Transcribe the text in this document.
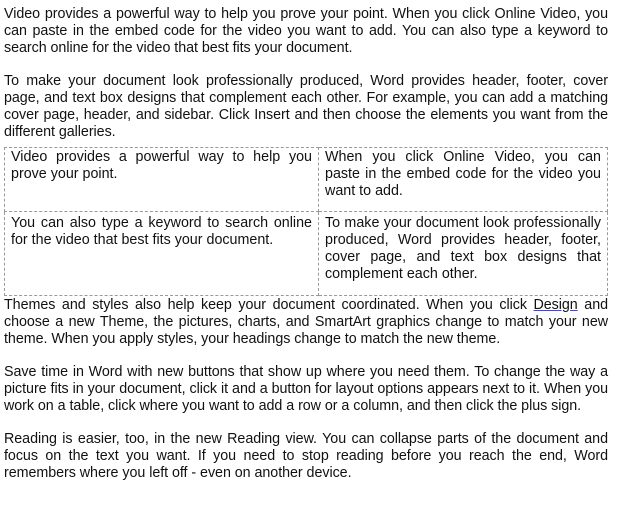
Video provides a powerful way to help you prove your point. When you click Online Video, you can paste in the embed code for the video you want to add. You can also type a keyword to search online for the video that best fits your document.

To make your document look professionally produced, Word provides header, footer, cover page, and text box designs that complement each other. For example, you can add a matching cover page, header, and sidebar. Click Insert and then choose the elements you want from the different galleries.

Video provides a powerful way to help you prove your point.	When you click Online Video, you can paste in the embed code for the video you want to add.
You can also type a keyword to search online for the video that best fits your document.	To make your document look professionally produced, Word provides header, footer, cover page, and text box designs that complement each other.

Themes and styles also help keep your document coordinated. When you click Design and choose a new Theme, the pictures, charts, and SmartArt graphics change to match your new theme. When you apply styles, your headings change to match the new theme.

Save time in Word with new buttons that show up where you need them. To change the way a picture fits in your document, click it and a button for layout options appears next to it. When you work on a table, click where you want to add a row or a column, and then click the plus sign.

Reading is easier, too, in the new Reading view. You can collapse parts of the document and focus on the text you want. If you need to stop reading before you reach the end, Word remembers where you left off - even on another device.
